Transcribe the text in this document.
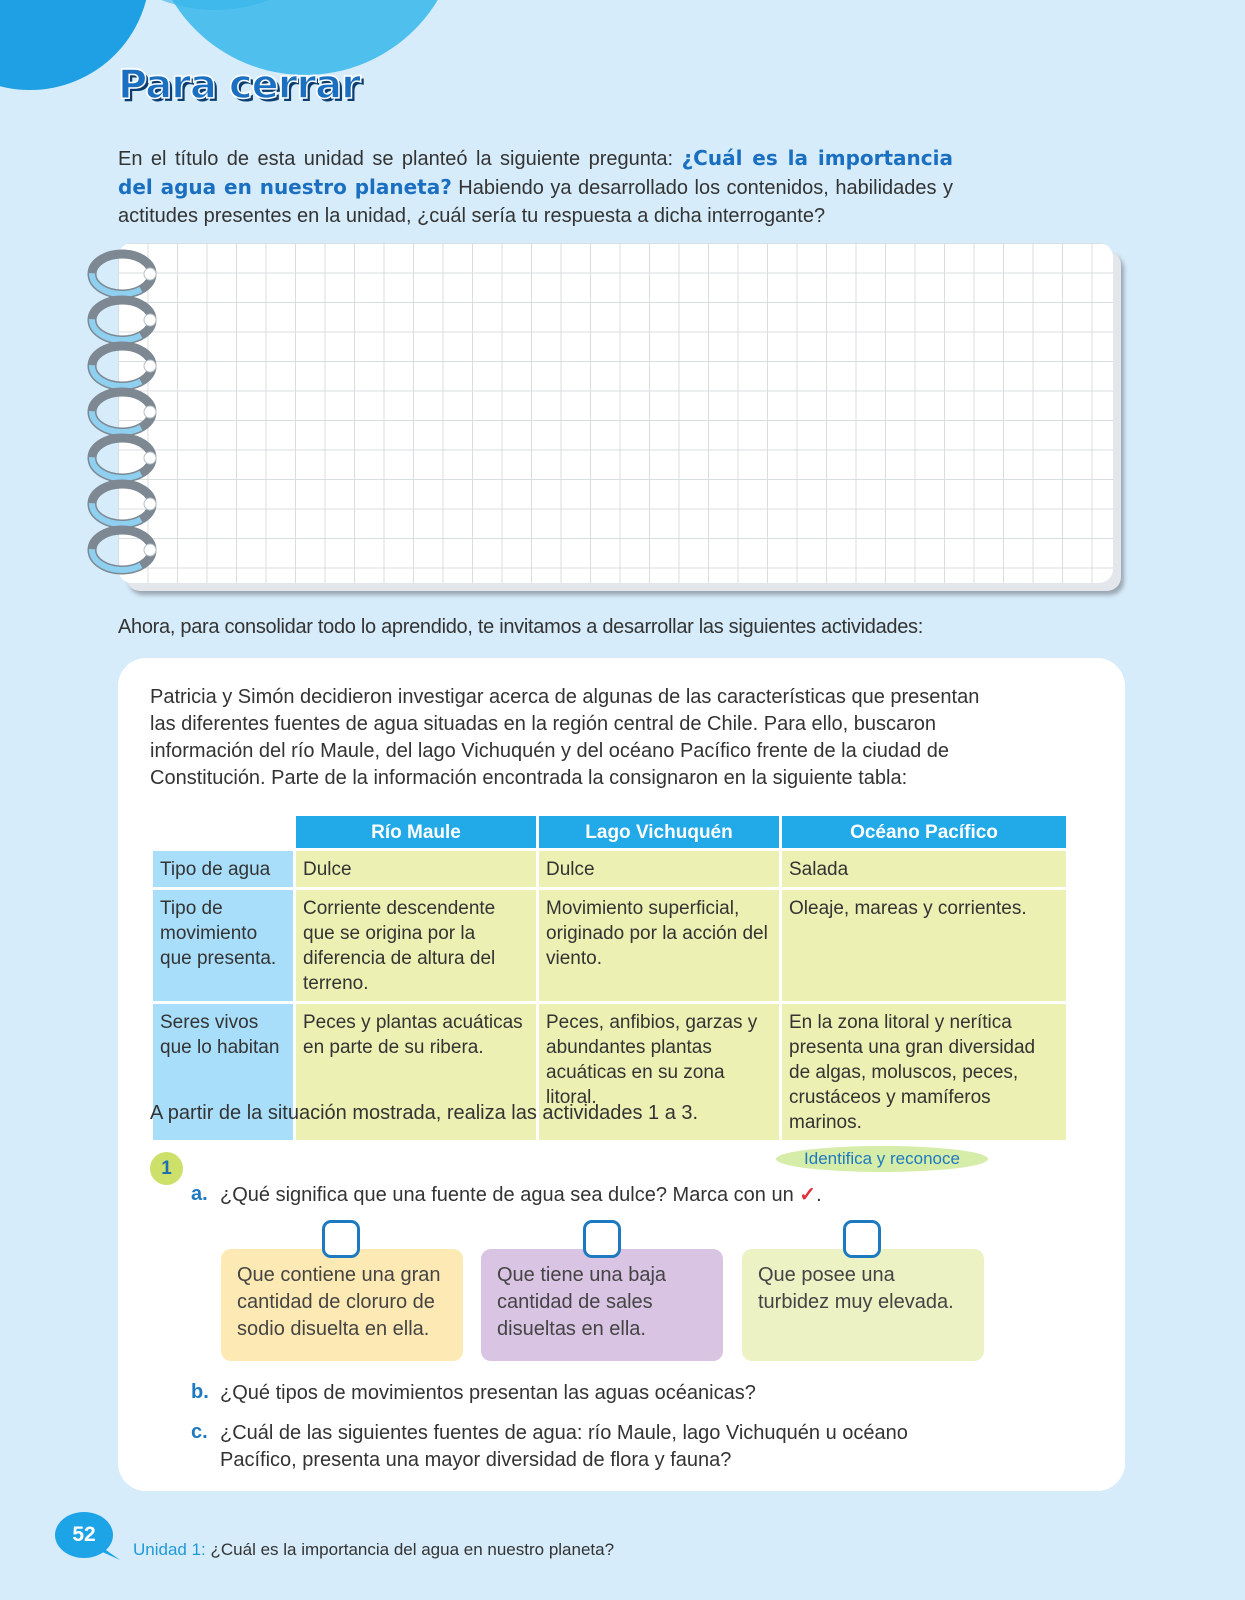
Para cerrar

En el título de esta unidad se planteó la siguiente pregunta: ¿Cuál es la importancia del agua en nuestro planeta? Habiendo ya desarrollado los contenidos, habilidades y actitudes presentes en la unidad, ¿cuál sería tu respuesta a dicha interrogante?

Ahora, para consolidar todo lo aprendido, te invitamos a desarrollar las siguientes actividades:

Patricia y Simón decidieron investigar acerca de algunas de las características que presentan las diferentes fuentes de agua situadas en la región central de Chile. Para ello, buscaron información del río Maule, del lago Vichuquén y del océano Pacífico frente de la ciudad de Constitución. Parte de la información encontrada la consignaron en la siguiente tabla:

	Río Maule	Lago Vichuquén	Océano Pacífico
Tipo de agua	Dulce	Dulce	Salada
Tipo de movimiento que presenta.	Corriente descendente que se origina por la diferencia de altura del terreno.	Movimiento superficial, originado por la acción del viento.	Oleaje, mareas y corrientes.
Seres vivos que lo habitan	Peces y plantas acuáticas en parte de su ribera.	Peces, anfibios, garzas y abundantes plantas acuáticas en su zona litoral.	En la zona litoral y nerítica presenta una gran diversidad de algas, moluscos, peces, crustáceos y mamíferos marinos.

A partir de la situación mostrada, realiza las actividades 1 a 3.

1	Identifica y reconoce
a. ¿Qué significa que una fuente de agua sea dulce? Marca con un ✓.

Que contiene una gran cantidad de cloruro de sodio disuelta en ella.
Que tiene una baja cantidad de sales disueltas en ella.
Que posee una turbidez muy elevada.
b. ¿Qué tipos de movimientos presentan las aguas océanicas?

c. ¿Cuál de las siguientes fuentes de agua: río Maule, lago Vichuquén u océano Pacífico, presenta una mayor diversidad de flora y fauna?

52

Unidad 1: ¿Cuál es la importancia del agua en nuestro planeta?
